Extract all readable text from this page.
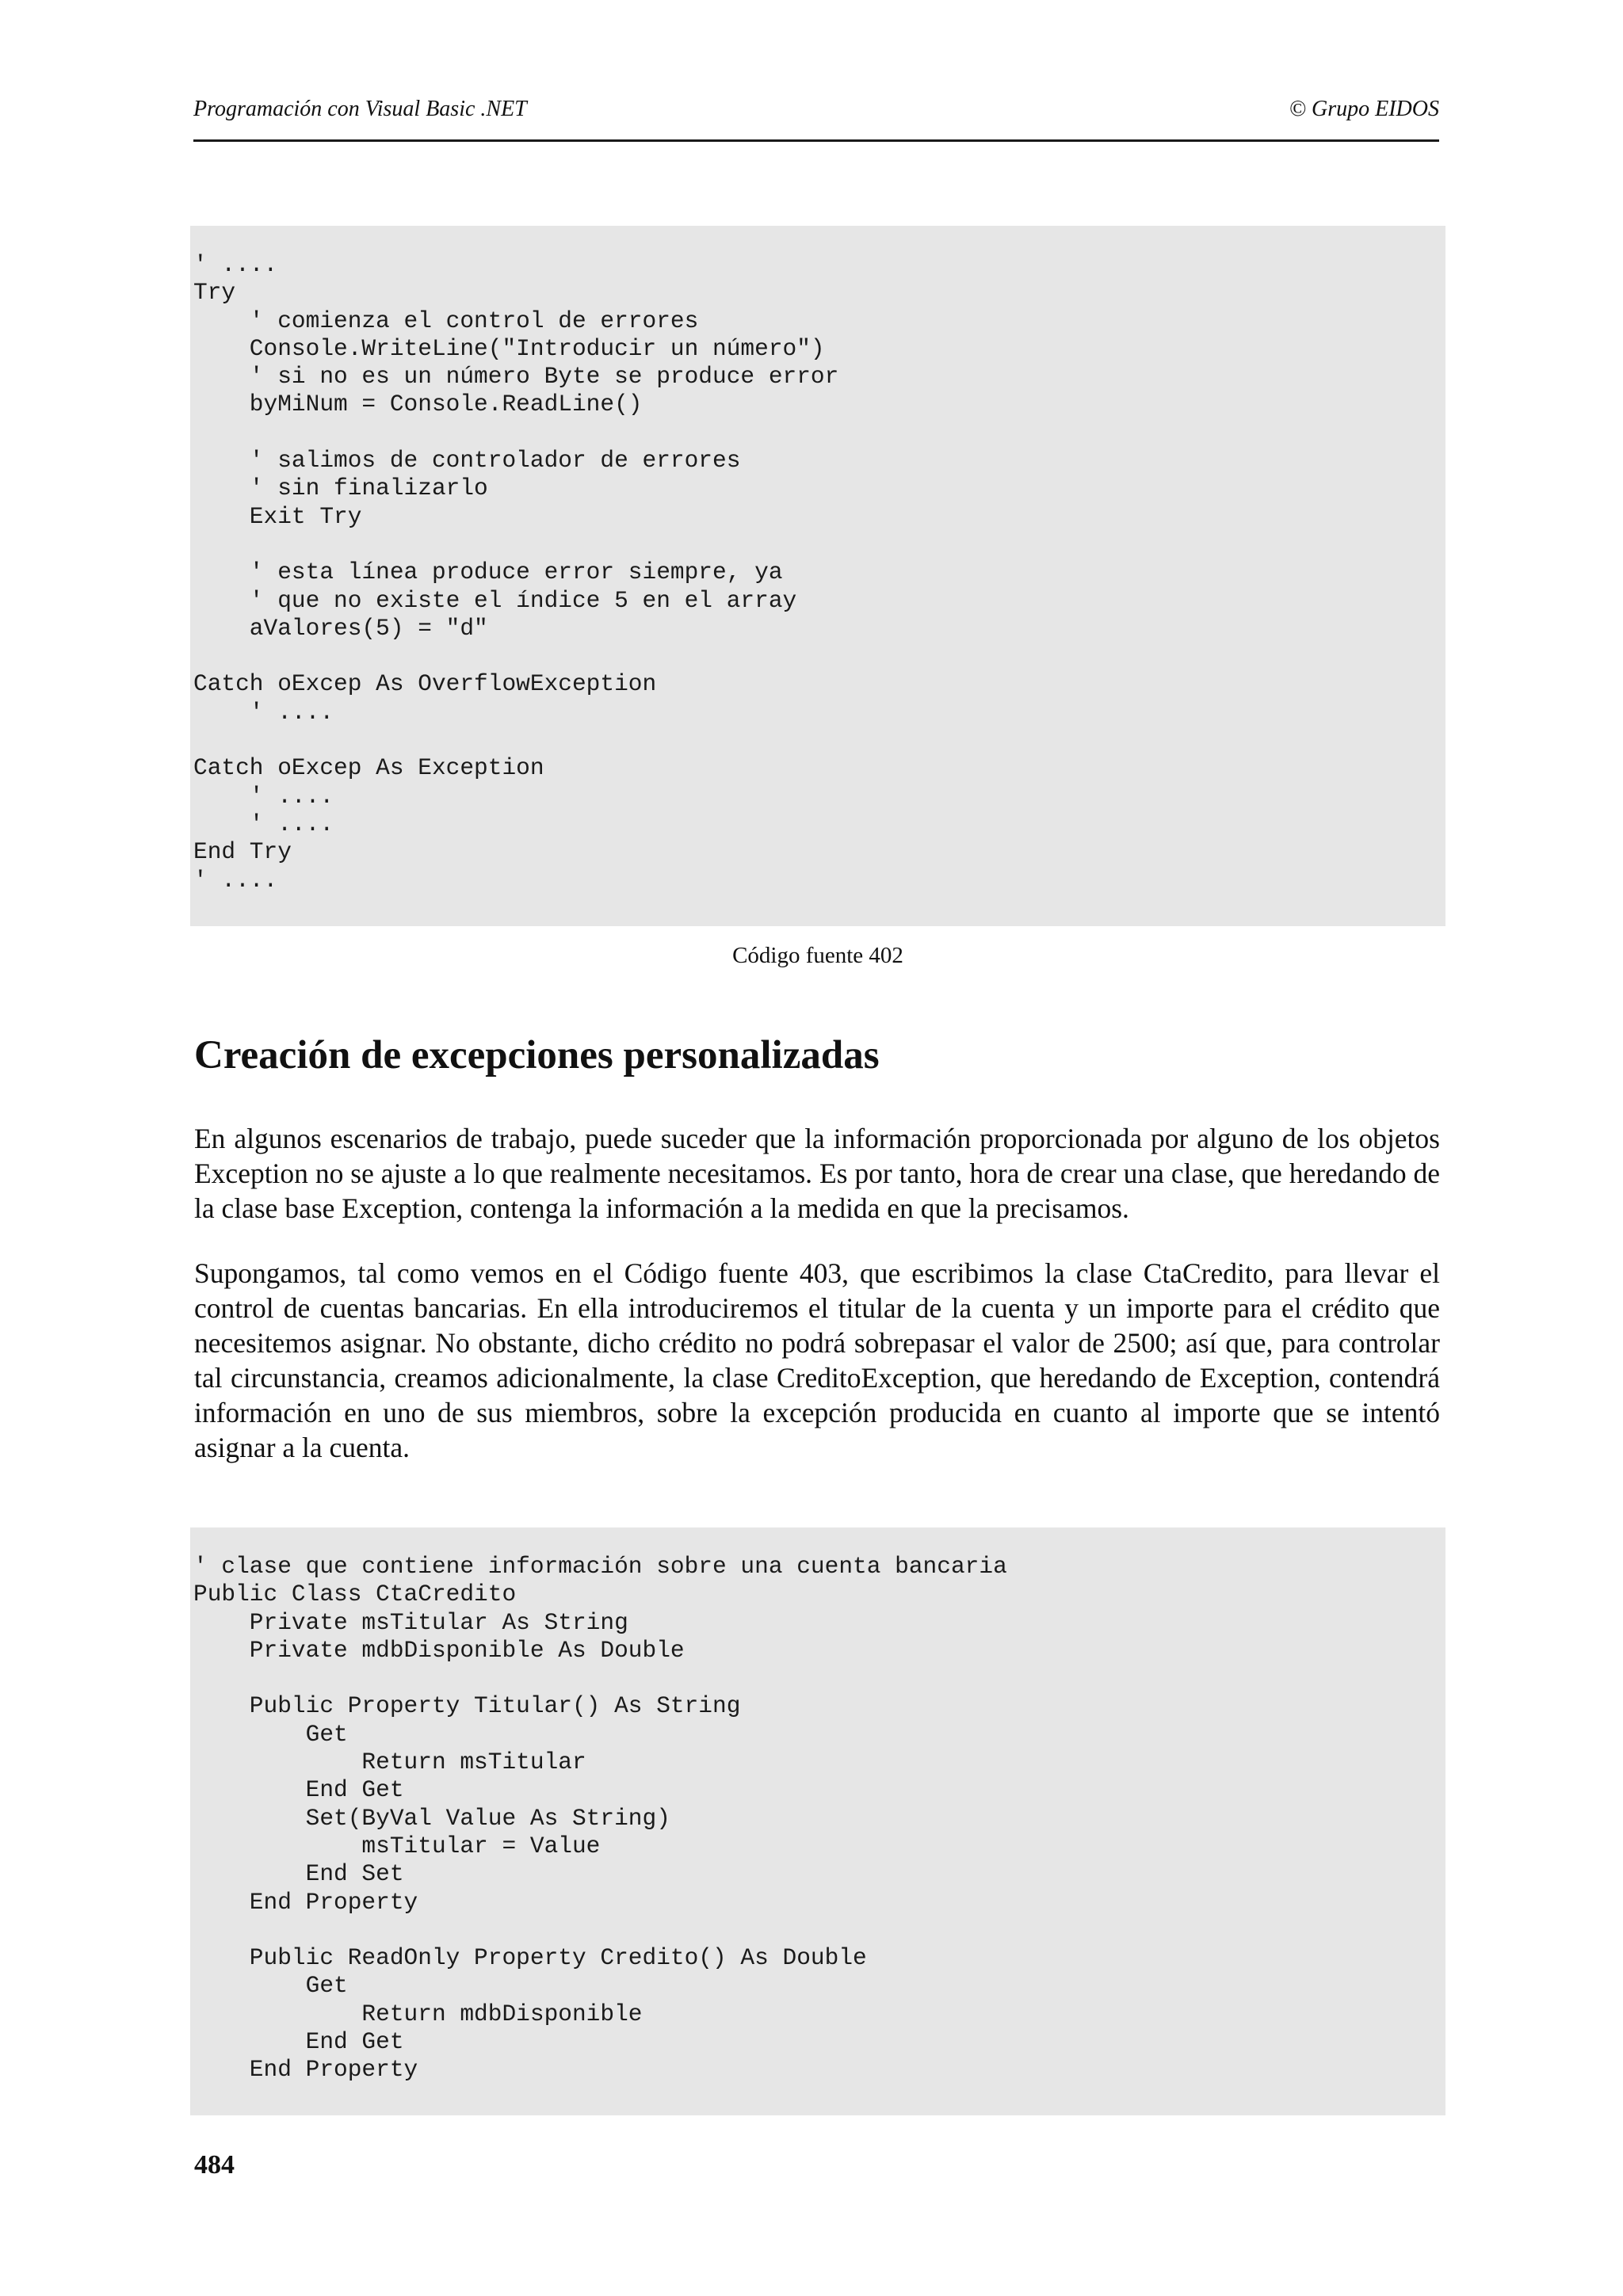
Programación con Visual Basic .NET	© Grupo EIDOS
' ....
Try
' comienza el control de errores
Console.WriteLine("Introducir un número")
' si no es un número Byte se produce error
byMiNum = Console.ReadLine()

' salimos de controlador de errores
' sin finalizarlo
Exit Try

' esta línea produce error siempre, ya
' que no existe el índice 5 en el array
aValores(5) = "d"

Catch oExcep As OverflowException
' ....

Catch oExcep As Exception
' ....
' ....
End Try
' ....
Código fuente 402
Creación de excepciones personalizadas

En algunos escenarios de trabajo, puede suceder que la información proporcionada por alguno de los objetos Exception no se ajuste a lo que realmente necesitamos. Es por tanto, hora de crear una clase, que heredando de la clase base Exception, contenga la información a la medida en que la precisamos.

Supongamos, tal como vemos en el Código fuente 403, que escribimos la clase CtaCredito, para llevar el control de cuentas bancarias. En ella introduciremos el titular de la cuenta y un importe para el crédito que necesitemos asignar. No obstante, dicho crédito no podrá sobrepasar el valor de 2500; así que, para controlar tal circunstancia, creamos adicionalmente, la clase CreditoException, que heredando de Exception, contendrá información en uno de sus miembros, sobre la excepción producida en cuanto al importe que se intentó asignar a la cuenta.

' clase que contiene información sobre una cuenta bancaria
Public Class CtaCredito
Private msTitular As String
Private mdbDisponible As Double

Public Property Titular() As String
Get
Return msTitular
End Get
Set(ByVal Value As String)
msTitular = Value
End Set
End Property

Public ReadOnly Property Credito() As Double
Get
Return mdbDisponible
End Get
End Property
484
